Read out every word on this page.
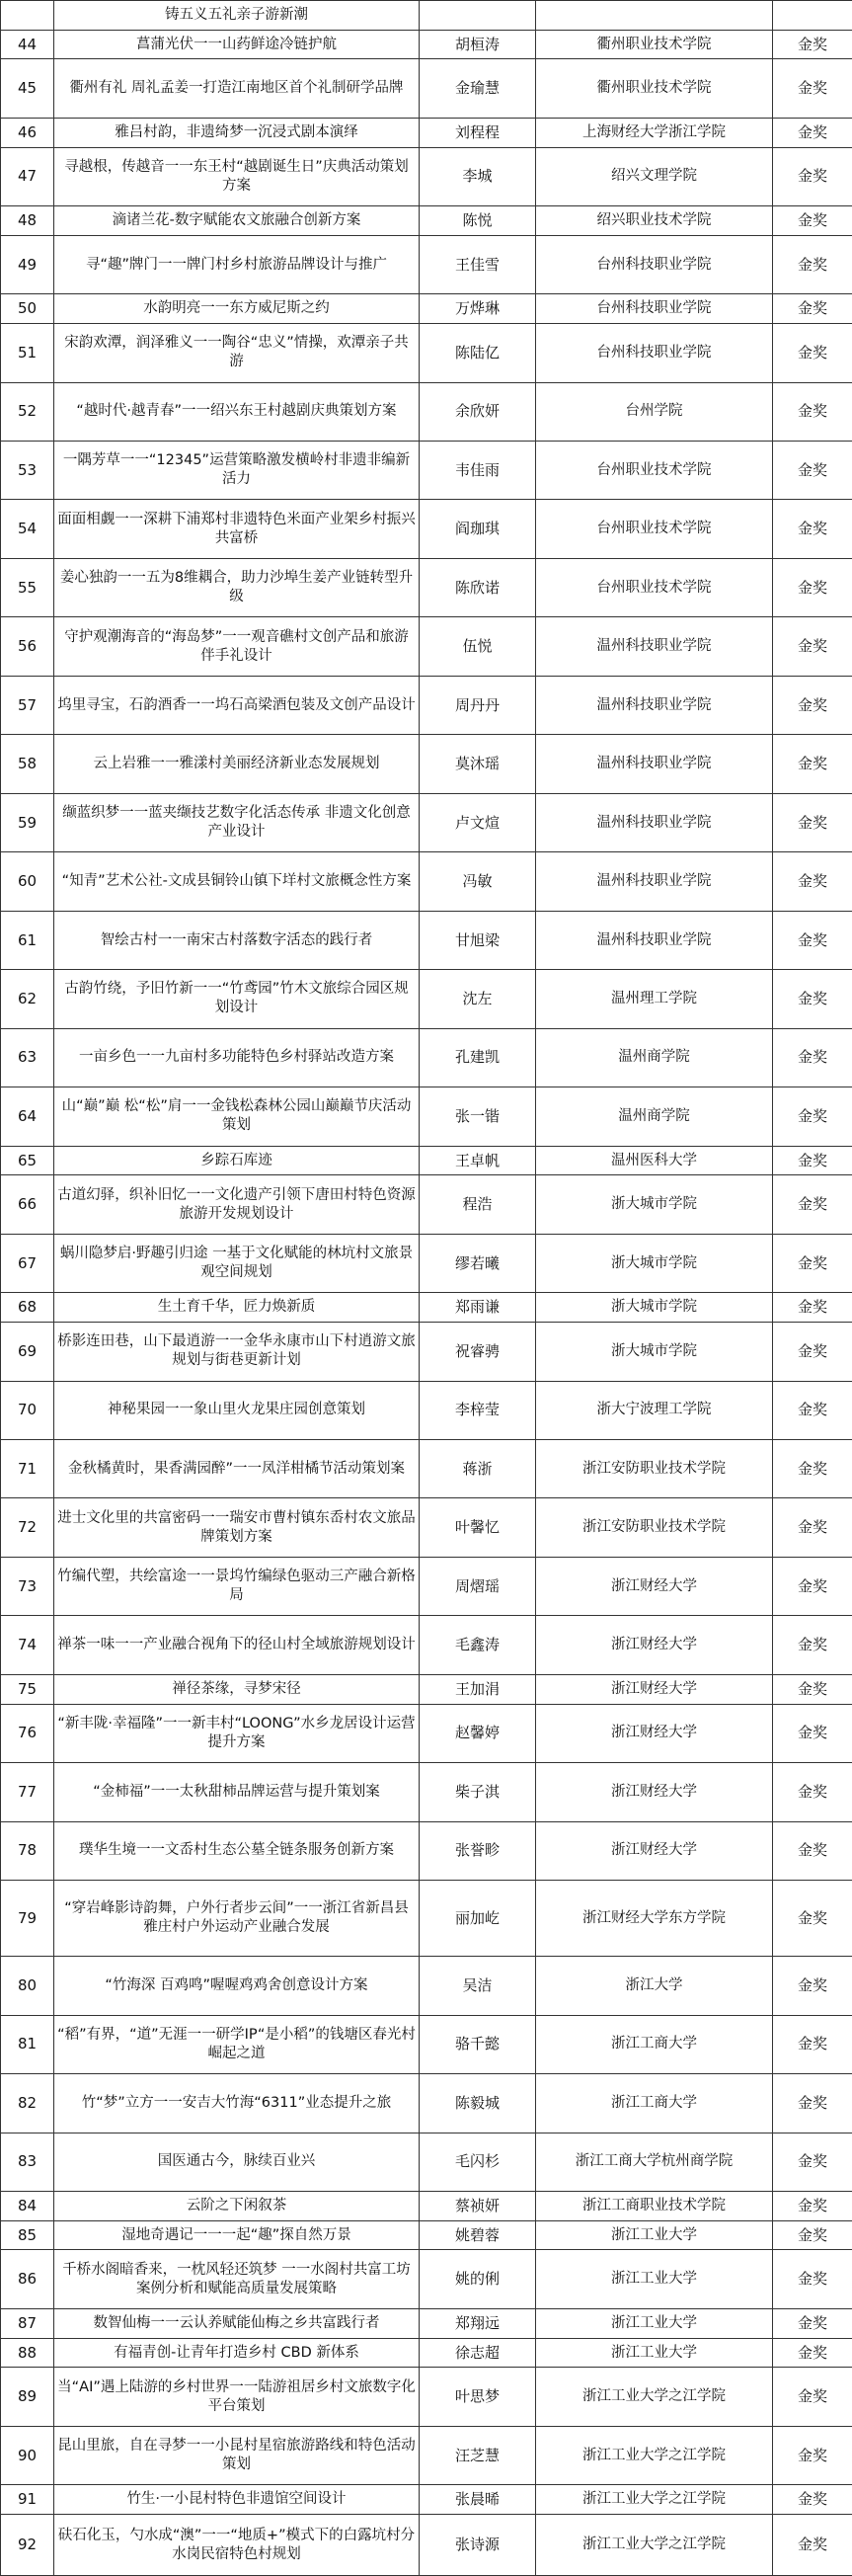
	铸五义五礼亲子游新潮			
44	菖蒲光伏一一山药鲜途冷链护航	胡桓涛	衢州职业技术学院	金奖
45	衢州有礼 周礼孟姜一打造江南地区首个礼制研学品牌	金瑜慧	衢州职业技术学院	金奖
46	雅吕村韵，非遗绮梦一沉浸式剧本演绎	刘程程	上海财经大学浙江学院	金奖
47	寻越根，传越音一一东王村“越剧诞生日”庆典活动策划方案	李城	绍兴文理学院	金奖
48	滴诸兰花-数字赋能农文旅融合创新方案	陈悦	绍兴职业技术学院	金奖
49	寻“趣”牌门一一牌门村乡村旅游品牌设计与推广	王佳雪	台州科技职业学院	金奖
50	水韵明亮一一东方威尼斯之约	万烨琳	台州科技职业学院	金奖
51	宋韵欢潭，润泽雅义一一陶谷“忠义”情操，欢潭亲子共游	陈陆亿	台州科技职业学院	金奖
52	“越时代·越青春”一一绍兴东王村越剧庆典策划方案	余欣妍	台州学院	金奖
53	一隅芳草一一“12345”运营策略激发横岭村非遗非编新活力	韦佳雨	台州职业技术学院	金奖
54	面面相觑一一深耕下浦郑村非遗特色米面产业架乡村振兴共富桥	阎珈琪	台州职业技术学院	金奖
55	姜心独韵一一五为8维耦合，助力沙埠生姜产业链转型升级	陈欣诺	台州职业技术学院	金奖
56	守护观潮海音的“海岛梦”一一观音礁村文创产品和旅游伴手礼设计	伍悦	温州科技职业学院	金奖
57	坞里寻宝，石韵酒香一一坞石高梁酒包装及文创产品设计	周丹丹	温州科技职业学院	金奖
58	云上岩雅一一雅漾村美丽经济新业态发展规划	莫沐瑶	温州科技职业学院	金奖
59	缬蓝织梦一一蓝夹缬技艺数字化活态传承 非遗文化创意产业设计	卢文煊	温州科技职业学院	金奖
60	“知青”艺术公社-文成县铜铃山镇下垟村文旅概念性方案	冯敏	温州科技职业学院	金奖
61	智绘古村一一南宋古村落数字活态的践行者	甘旭梁	温州科技职业学院	金奖
62	古韵竹绕，予旧竹新一一“竹鸢园”竹木文旅综合园区规划设计	沈左	温州理工学院	金奖
63	一亩乡色一一九亩村多功能特色乡村驿站改造方案	孔建凯	温州商学院	金奖
64	山“巅”巅 松“松”肩一一金钱松森林公园山巅巅节庆活动策划	张一锴	温州商学院	金奖
65	乡踪石库迹	王卓帆	温州医科大学	金奖
66	古道幻驿，织补旧忆一一文化遗产引领下唐田村特色资源旅游开发规划设计	程浩	浙大城市学院	金奖
67	蜗川隐梦启·野趣引归途 一基于文化赋能的林坑村文旅景观空间规划	缪若曦	浙大城市学院	金奖
68	生土育千华，匠力焕新质	郑雨谦	浙大城市学院	金奖
69	桥影连田巷，山下最逍游一一金华永康市山下村逍游文旅规划与街巷更新计划	祝睿骋	浙大城市学院	金奖
70	神秘果园一一象山里火龙果庄园创意策划	李梓莹	浙大宁波理工学院	金奖
71	金秋橘黄时，果香满园醉”一一凤洋柑橘节活动策划案	蒋浙	浙江安防职业技术学院	金奖
72	进士文化里的共富密码一一瑞安市曹村镇东岙村农文旅品牌策划方案	叶馨忆	浙江安防职业技术学院	金奖
73	竹编代塑，共绘富途一一景坞竹编绿色驱动三产融合新格局	周熠瑶	浙江财经大学	金奖
74	禅茶一味一一产业融合视角下的径山村全域旅游规划设计	毛鑫涛	浙江财经大学	金奖
75	禅径茶缘，寻梦宋径	王加涓	浙江财经大学	金奖
76	“新丰陇·幸福隆”一一新丰村“LOONG”水乡龙居设计运营提升方案	赵馨婷	浙江财经大学	金奖
77	“金柿福”一一太秋甜柿品牌运营与提升策划案	柴子淇	浙江财经大学	金奖
78	璞华生境一一文岙村生态公墓全链条服务创新方案	张誉畛	浙江财经大学	金奖
79	“穿岩峰影诗韵舞，户外行者步云间”一一浙江省新昌县雅庄村户外运动产业融合发展	丽加屹	浙江财经大学东方学院	金奖
80	“竹海深 百鸡鸣”喔喔鸡鸡舍创意设计方案	吴洁	浙江大学	金奖
81	“稻”有界，“道”无涯一一研学IP“是小稻”的钱塘区春光村崛起之道	骆千懿	浙江工商大学	金奖
82	竹“梦”立方一一安吉大竹海“6311”业态提升之旅	陈毅城	浙江工商大学	金奖
83	国医通古今，脉续百业兴	毛闪杉	浙江工商大学杭州商学院	金奖
84	云阶之下闲叙茶	蔡祯妍	浙江工商职业技术学院	金奖
85	湿地奇遇记一一一起“趣”探自然万景	姚碧蓉	浙江工业大学	金奖
86	千桥水阁暗香来，一枕风轻还筑梦 一一水阁村共富工坊案例分析和赋能高质量发展策略	姚的俐	浙江工业大学	金奖
87	数智仙梅一一云认养赋能仙梅之乡共富践行者	郑翔远	浙江工业大学	金奖
88	有福青创-让青年打造乡村 CBD 新体系	徐志超	浙江工业大学	金奖
89	当“AI”遇上陆游的乡村世界一一陆游祖居乡村文旅数字化平台策划	叶思梦	浙江工业大学之江学院	金奖
90	昆山里旅，自在寻梦一一小昆村星宿旅游路线和特色活动策划	汪芝慧	浙江工业大学之江学院	金奖
91	竹生·一小昆村特色非遗馆空间设计	张晨晞	浙江工业大学之江学院	金奖
92	砆石化玉，勺水成“澳”一一“地质+”模式下的白露坑村分水岗民宿特色村规划	张诗源	浙江工业大学之江学院	金奖
